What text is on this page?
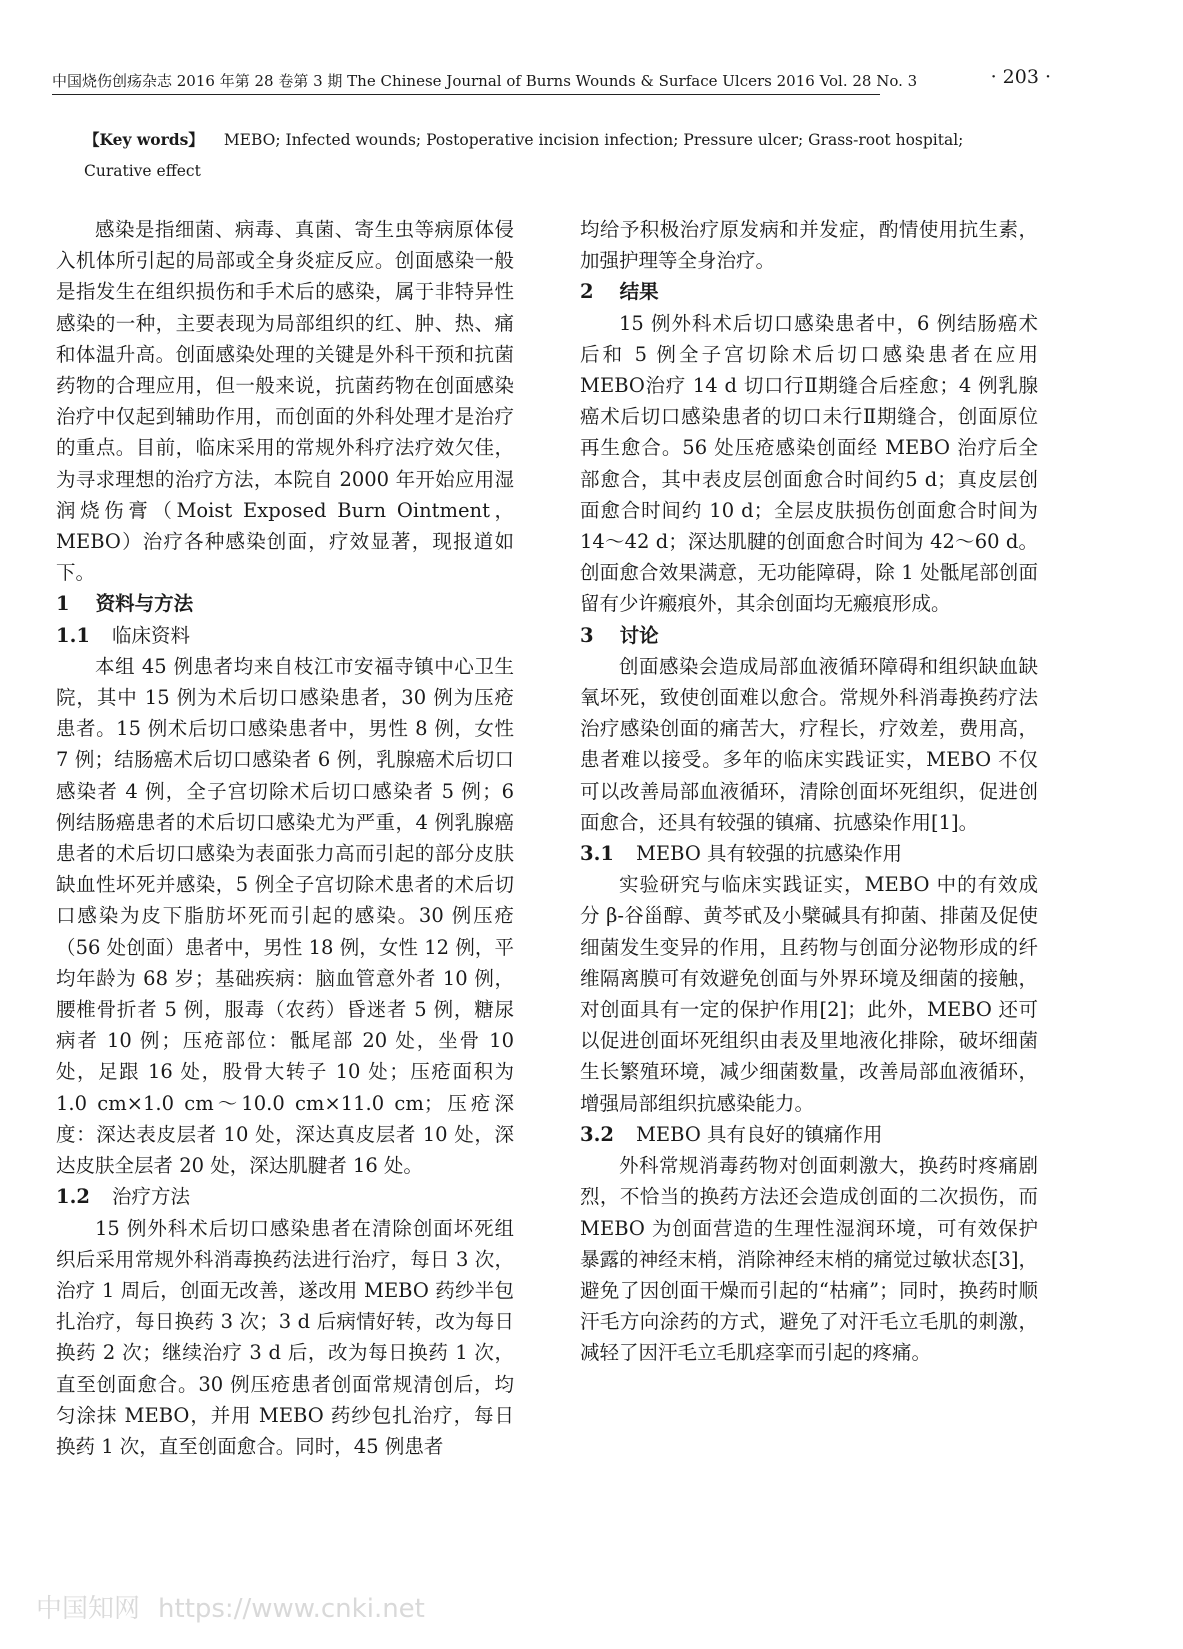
中国烧伤创疡杂志 2016 年第 28 卷第 3 期 The Chinese Journal of Burns Wounds & Surface Ulcers 2016 Vol. 28 No. 3	· 203 ·
【Key words】 MEBO; Infected wounds; Postoperative incision infection; Pressure ulcer; Grass-root hospital; Curative effect

感染是指细菌、病毒、真菌、寄生虫等病原体侵入机体所引起的局部或全身炎症反应。创面感染一般是指发生在组织损伤和手术后的感染，属于非特异性感染的一种，主要表现为局部组织的红、肿、热、痛和体温升高。创面感染处理的关键是外科干预和抗菌药物的合理应用，但一般来说，抗菌药物在创面感染治疗中仅起到辅助作用，而创面的外科处理才是治疗的重点。目前，临床采用的常规外科疗法疗效欠佳，为寻求理想的治疗方法，本院自 2000 年开始应用湿润烧伤膏（Moist Exposed Burn Ointment，MEBO）治疗各种感染创面，疗效显著，现报道如下。

1 资料与方法
1.1 临床资料

本组 45 例患者均来自枝江市安福寺镇中心卫生院，其中 15 例为术后切口感染患者，30 例为压疮患者。15 例术后切口感染患者中，男性 8 例，女性 7 例；结肠癌术后切口感染者 6 例，乳腺癌术后切口感染者 4 例，全子宫切除术后切口感染者 5 例；6 例结肠癌患者的术后切口感染尤为严重，4 例乳腺癌患者的术后切口感染为表面张力高而引起的部分皮肤缺血性坏死并感染，5 例全子宫切除术患者的术后切口感染为皮下脂肪坏死而引起的感染。30 例压疮（56 处创面）患者中，男性 18 例，女性 12 例，平均年龄为 68 岁；基础疾病：脑血管意外者 10 例，腰椎骨折者 5 例，服毒（农药）昏迷者 5 例，糖尿病者 10 例；压疮部位：骶尾部 20 处，坐骨 10 处，足跟 16 处，股骨大转子 10 处；压疮面积为 1.0 cm×1.0 cm～10.0 cm×11.0 cm；压疮深度：深达表皮层者 10 处，深达真皮层者 10 处，深达皮肤全层者 20 处，深达肌腱者 16 处。

1.2 治疗方法

15 例外科术后切口感染患者在清除创面坏死组织后采用常规外科消毒换药法进行治疗，每日 3 次，治疗 1 周后，创面无改善，遂改用 MEBO 药纱半包扎治疗，每日换药 3 次；3 d 后病情好转，改为每日换药 2 次；继续治疗 3 d 后，改为每日换药 1 次，直至创面愈合。30 例压疮患者创面常规清创后，均匀涂抹 MEBO，并用 MEBO 药纱包扎治疗，每日换药 1 次，直至创面愈合。同时，45 例患者

均给予积极治疗原发病和并发症，酌情使用抗生素，加强护理等全身治疗。

2 结果

15 例外科术后切口感染患者中，6 例结肠癌术后和 5 例全子宫切除术后切口感染患者在应用 MEBO治疗 14 d 切口行Ⅱ期缝合后痊愈；4 例乳腺癌术后切口感染患者的切口未行Ⅱ期缝合，创面原位再生愈合。56 处压疮感染创面经 MEBO 治疗后全部愈合，其中表皮层创面愈合时间约5 d；真皮层创面愈合时间约 10 d；全层皮肤损伤创面愈合时间为 14～42 d；深达肌腱的创面愈合时间为 42～60 d。创面愈合效果满意，无功能障碍，除 1 处骶尾部创面留有少许瘢痕外，其余创面均无瘢痕形成。

3 讨论

创面感染会造成局部血液循环障碍和组织缺血缺氧坏死，致使创面难以愈合。常规外科消毒换药疗法治疗感染创面的痛苦大，疗程长，疗效差，费用高，患者难以接受。多年的临床实践证实，MEBO 不仅可以改善局部血液循环，清除创面坏死组织，促进创面愈合，还具有较强的镇痛、抗感染作用[1]。

3.1 MEBO 具有较强的抗感染作用

实验研究与临床实践证实，MEBO 中的有效成分 β-谷甾醇、黄芩甙及小檗碱具有抑菌、排菌及促使细菌发生变异的作用，且药物与创面分泌物形成的纤维隔离膜可有效避免创面与外界环境及细菌的接触，对创面具有一定的保护作用[2]；此外，MEBO 还可以促进创面坏死组织由表及里地液化排除，破坏细菌生长繁殖环境，减少细菌数量，改善局部血液循环，增强局部组织抗感染能力。

3.2 MEBO 具有良好的镇痛作用

外科常规消毒药物对创面刺激大，换药时疼痛剧烈，不恰当的换药方法还会造成创面的二次损伤，而 MEBO 为创面营造的生理性湿润环境，可有效保护暴露的神经末梢，消除神经末梢的痛觉过敏状态[3]，避免了因创面干燥而引起的“枯痛”；同时，换药时顺汗毛方向涂药的方式，避免了对汗毛立毛肌的刺激，减轻了因汗毛立毛肌痉挛而引起的疼痛。

中国知网 https://www.cnki.net
